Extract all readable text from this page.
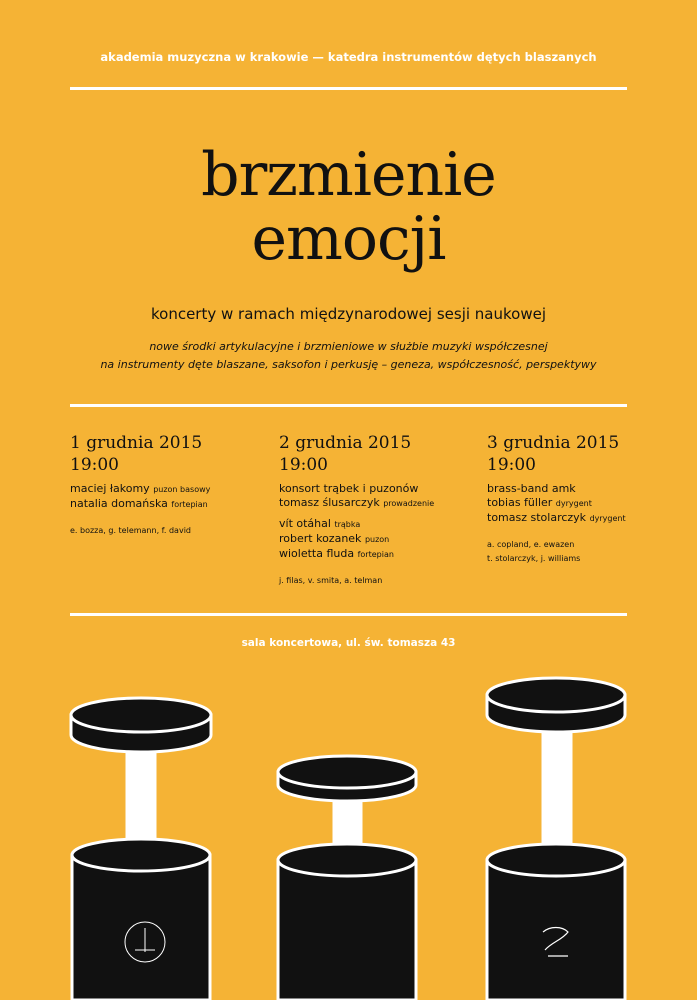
akademia muzyczna w krakowie — katedra instrumentów dętych blaszanych
brzmienie
emocji
koncerty w ramach międzynarodowej sesji naukowej
nowe środki artykulacyjne i brzmieniowe w służbie muzyki współczesnej
na instrumenty dęte blaszane, saksofon i perkusję – geneza, współczesność, perspektywy
1 grudnia 2015
19:00
maciej łakomy puzon basowy
natalia domańska fortepian
e. bozza, g. telemann, f. david
2 grudnia 2015
19:00
konsort trąbek i puzonów
tomasz ślusarczyk prowadzenie
vít otáhal trąbka
robert kozanek puzon
wioletta fluda fortepian
j. filas, v. smita, a. telman
3 grudnia 2015
19:00
brass-band amk
tobias füller dyrygent
tomasz stolarczyk dyrygent
a. copland, e. ewazen
t. stolarczyk, j. williams
sala koncertowa, ul. św. tomasza 43
